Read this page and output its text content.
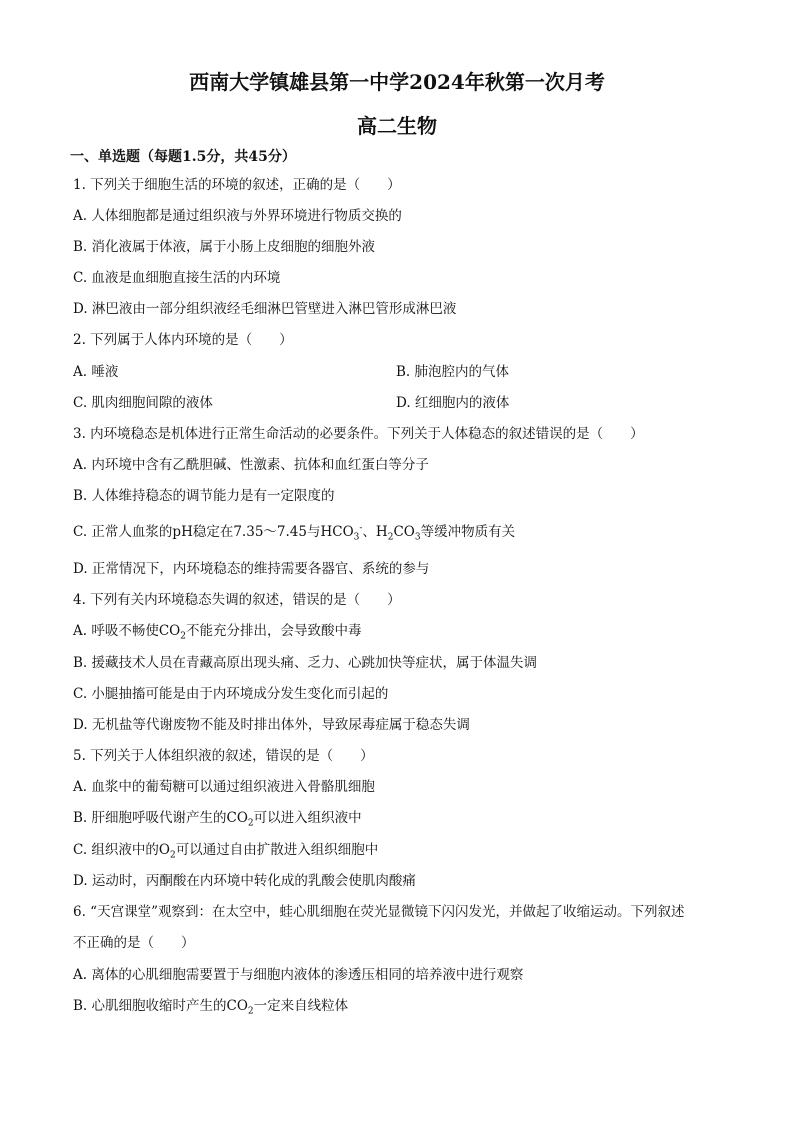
西南大学镇雄县第一中学2024年秋第一次月考
高二生物
一、单选题（每题1.5分，共45分）
1. 下列关于细胞生活的环境的叙述，正确的是（　　）
A. 人体细胞都是通过组织液与外界环境进行物质交换的
B. 消化液属于体液，属于小肠上皮细胞的细胞外液
C. 血液是血细胞直接生活的内环境
D. 淋巴液由一部分组织液经毛细淋巴管壁进入淋巴管形成淋巴液
2. 下列属于人体内环境的是（　　）
A. 唾液	B. 肺泡腔内的气体
C. 肌肉细胞间隙的液体	D. 红细胞内的液体
3. 内环境稳态是机体进行正常生命活动的必要条件。下列关于人体稳态的叙述错误的是（　　）
A. 内环境中含有乙酰胆碱、性激素、抗体和血红蛋白等分子
B. 人体维持稳态的调节能力是有一定限度的
C. 正常人血浆的pH稳定在7.35～7.45与$HCO_3^-$、$H_2CO_3$等缓冲物质有关
D. 正常情况下，内环境稳态的维持需要各器官、系统的参与
4. 下列有关内环境稳态失调的叙述，错误的是（　　）
A. 呼吸不畅使$CO_2$不能充分排出，会导致酸中毒
B. 援藏技术人员在青藏高原出现头痛、乏力、心跳加快等症状，属于体温失调
C. 小腿抽搐可能是由于内环境成分发生变化而引起的
D. 无机盐等代谢废物不能及时排出体外，导致尿毒症属于稳态失调
5. 下列关于人体组织液的叙述，错误的是（　　）
A. 血浆中的葡萄糖可以通过组织液进入骨骼肌细胞
B. 肝细胞呼吸代谢产生的$CO_2$可以进入组织液中
C. 组织液中的$O_2$可以通过自由扩散进入组织细胞中
D. 运动时，丙酮酸在内环境中转化成的乳酸会使肌肉酸痛
6. “天宫课堂”观察到：在太空中，蛙心肌细胞在荧光显微镜下闪闪发光，并做起了收缩运动。下列叙述
不正确的是（　　）
A. 离体的心肌细胞需要置于与细胞内液体的渗透压相同的培养液中进行观察
B. 心肌细胞收缩时产生的$CO_2$一定来自线粒体
